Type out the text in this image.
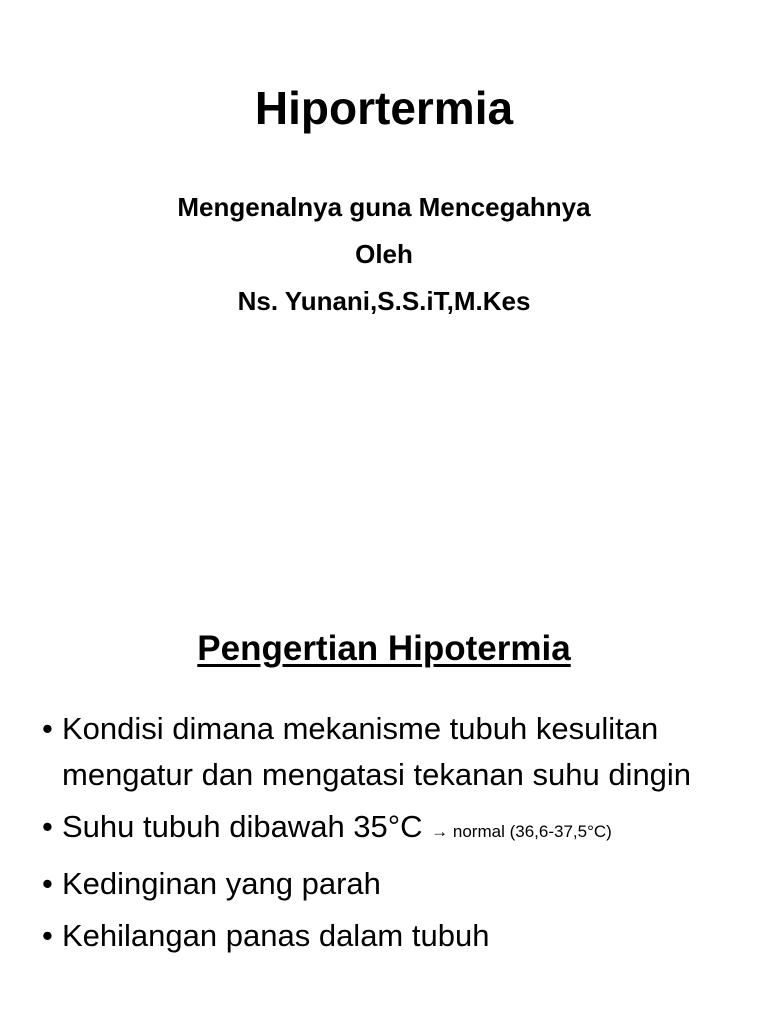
Hiportermia
Mengenalnya guna Mencegahnya
Oleh
Ns. Yunani,S.S.iT,M.Kes
Pengertian Hipotermia
• Kondisi dimana mekanisme tubuh kesulitan mengatur dan mengatasi tekanan suhu dingin
• Suhu tubuh dibawah 35°C → normal (36,6-37,5°C)
• Kedinginan yang parah
• Kehilangan panas dalam tubuh
